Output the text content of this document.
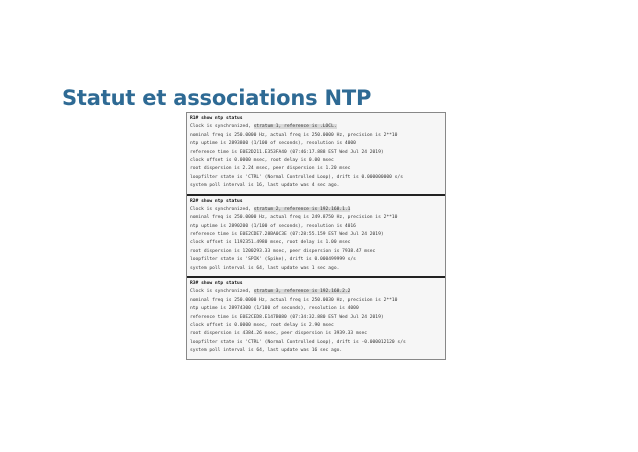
Statut et associations NTP
R1# show ntp status
Clock is synchronized, stratum 1, reference is .LOCL.
nominal freq is 250.0000 Hz, actual freq is 250.0000 Hz, precision is 2**10
ntp uptime is 2893800 (1/100 of seconds), resolution is 4000
reference time is E0E2D211.E353FA40 (07:46:17.888 EST Wed Jul 24 2019)
clock offset is 0.0000 msec, root delay is 0.00 msec
root dispersion is 2.24 msec, peer dispersion is 1.20 msec
loopfilter state is 'CTRL' (Normal Controlled Loop), drift is 0.000000000 s/s
system poll interval is 16, last update was 4 sec ago.
R2# show ntp status
Clock is synchronized, stratum 2, reference is 192.168.1.1
nominal freq is 250.0000 Hz, actual freq is 249.8750 Hz, precision is 2**10
ntp uptime is 2890200 (1/100 of seconds), resolution is 4016
reference time is E0E2CDE7.28BA0C3E (07:28:55.159 EST Wed Jul 24 2019)
clock offset is 1192351.4980 msec, root delay is 1.00 msec
root dispersion is 1200293.33 msec, peer dispersion is 7938.47 msec
loopfilter state is 'SPIK' (Spike), drift is 0.000499999 s/s
system poll interval is 64, last update was 1 sec ago.
R3# show ntp status
Clock is synchronized, stratum 3, reference is 192.168.2.2
nominal freq is 250.0000 Hz, actual freq is 250.0030 Hz, precision is 2**10
ntp uptime is 28974300 (1/100 of seconds), resolution is 4000
reference time is E0E2CED8.E147B080 (07:34:32.880 EST Wed Jul 24 2019)
clock offset is 0.0000 msec, root delay is 2.90 msec
root dispersion is 4384.26 msec, peer dispersion is 3939.33 msec
loopfilter state is 'CTRL' (Normal Controlled Loop), drift is -0.000012120 s/s
system poll interval is 64, last update was 16 sec ago.
